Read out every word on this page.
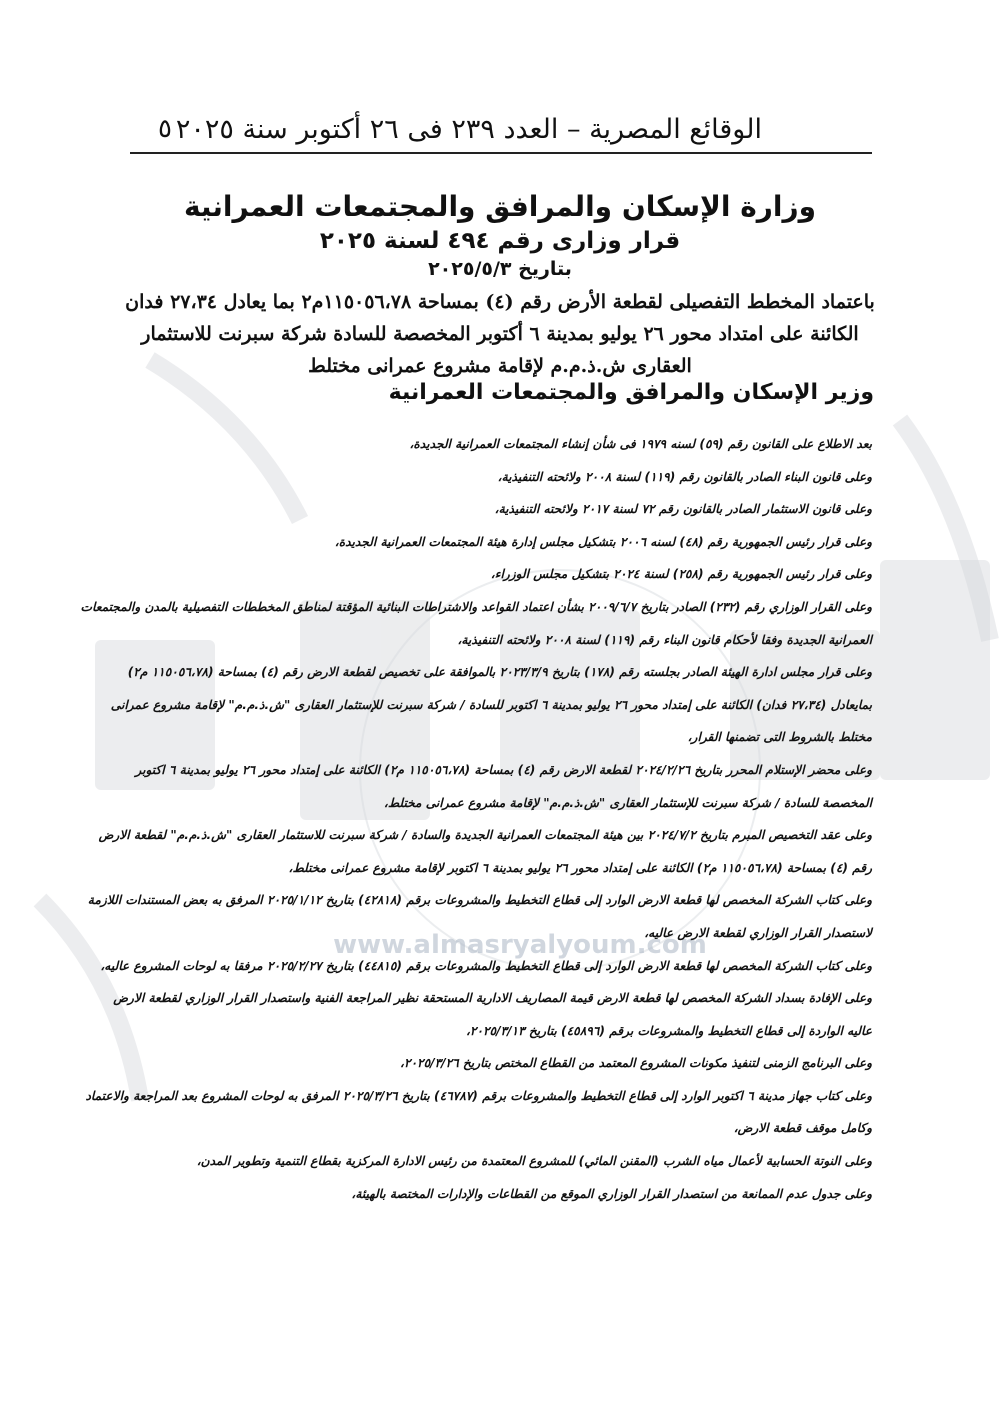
www.almasryalyoum.com
الوقائع المصرية – العدد ٢٣٩ فى ٢٦ أكتوبر سنة ٢٠٢٥
٥
وزارة الإسكان والمرافق والمجتمعات العمرانية
قرار وزارى رقم ٤٩٤ لسنة ٢٠٢٥
بتاريخ ٢٠٢٥/٥/٣
باعتماد المخطط التفصيلى لقطعة الأرض رقم (٤) بمساحة ١١٥٠٥٦،٧٨م٢ بما يعادل ٢٧،٣٤ فدان
الكائنة على امتداد محور ٢٦ يوليو بمدينة ٦ أكتوبر المخصصة للسادة شركة سبرنت للاستثمار
العقارى ش.ذ.م.م لإقامة مشروع عمرانى مختلط
وزير الإسكان والمرافق والمجتمعات العمرانية
بعد الاطلاع على القانون رقم (٥٩) لسنه ١٩٧٩ فى شأن إنشاء المجتمعات العمرانية الجديدة،
وعلى قانون البناء الصادر بالقانون رقم (١١٩) لسنة ٢٠٠٨ ولائحته التنفيذية،
وعلى قانون الاستثمار الصادر بالقانون رقم ٧٢ لسنة ٢٠١٧ ولائحته التنفيذية،
وعلى قرار رئيس الجمهورية رقم (٤٨) لسنه ٢٠٠٦ بتشكيل مجلس إدارة هيئة المجتمعات العمرانية الجديدة،
وعلى قرار رئيس الجمهورية رقم (٢٥٨) لسنة ٢٠٢٤ بتشكيل مجلس الوزراء،
وعلى القرار الوزاري رقم (٢٣٢) الصادر بتاريخ ٢٠٠٩/٦/٧ بشأن اعتماد القواعد والاشتراطات البنائية المؤقتة لمناطق المخططات التفصيلية بالمدن والمجتمعات
العمرانية الجديدة وفقا لأحكام قانون البناء رقم (١١٩) لسنة ٢٠٠٨ ولائحته التنفيذية،
وعلى قرار مجلس ادارة الهيئة الصادر بجلسته رقم (١٧٨) بتاريخ ٢٠٢٣/٣/٩ بالموافقة على تخصيص لقطعة الارض رقم (٤) بمساحة (١١٥٠٥٦،٧٨ م٢)
بمايعادل (٢٧،٣٤ فدان) الكائنة على إمتداد محور ٢٦ يوليو بمدينة ٦ اكتوبر للسادة / شركة سبرنت للإستثمار العقارى "ش.ذ.م.م" لإقامة مشروع عمرانى
مختلط بالشروط التى تضمنها القرار،
وعلى محضر الإستلام المحرر بتاريخ ٢٠٢٤/٢/٢٦ لقطعة الارض رقم (٤) بمساحة (١١٥٠٥٦،٧٨ م٢) الكائنة على إمتداد محور ٢٦ يوليو بمدينة ٦ اكتوبر
المخصصة للسادة / شركة سبرنت للإستثمار العقارى "ش.ذ.م.م" لإقامة مشروع عمرانى مختلط،
وعلى عقد التخصيص المبرم بتاريخ ٢٠٢٤/٧/٢ بين هيئة المجتمعات العمرانية الجديدة والسادة / شركة سبرنت للاستثمار العقارى "ش.ذ.م.م" لقطعة الارض
رقم (٤) بمساحة (١١٥٠٥٦،٧٨ م٢) الكائنة على إمتداد محور ٢٦ يوليو بمدينة ٦ اكتوبر لإقامة مشروع عمرانى مختلط،
وعلى كتاب الشركة المخصص لها قطعة الارض الوارد إلى قطاع التخطيط والمشروعات برقم (٤٢٨١٨) بتاريخ ٢٠٢٥/١/١٢ المرفق به بعض المستندات اللازمة
لاستصدار القرار الوزاري لقطعة الارض عاليه،
وعلى كتاب الشركة المخصص لها قطعة الارض الوارد إلى قطاع التخطيط والمشروعات برقم (٤٤٨١٥) بتاريخ ٢٠٢٥/٢/٢٧ مرفقا به لوحات المشروع عاليه،
وعلى الإفادة بسداد الشركة المخصص لها قطعة الارض قيمة المصاريف الادارية المستحقة نظير المراجعة الفنية واستصدار القرار الوزاري لقطعة الارض
عاليه الواردة إلى قطاع التخطيط والمشروعات برقم (٤٥٨٩٦) بتاريخ ٢٠٢٥/٣/١٣،
وعلى البرنامج الزمنى لتنفيذ مكونات المشروع المعتمد من القطاع المختص بتاريخ ٢٠٢٥/٣/٢٦،
وعلى كتاب جهاز مدينة ٦ اكتوبر الوارد إلى قطاع التخطيط والمشروعات برقم (٤٦٧٨٧) بتاريخ ٢٠٢٥/٣/٢٦ المرفق به لوحات المشروع بعد المراجعة والاعتماد
وكامل موقف قطعة الارض،
وعلى النوتة الحسابية لأعمال مياه الشرب (المقنن المائي) للمشروع المعتمدة من رئيس الادارة المركزية بقطاع التنمية وتطوير المدن،
وعلى جدول عدم الممانعة من استصدار القرار الوزاري الموقع من القطاعات والإدارات المختصة بالهيئة،
